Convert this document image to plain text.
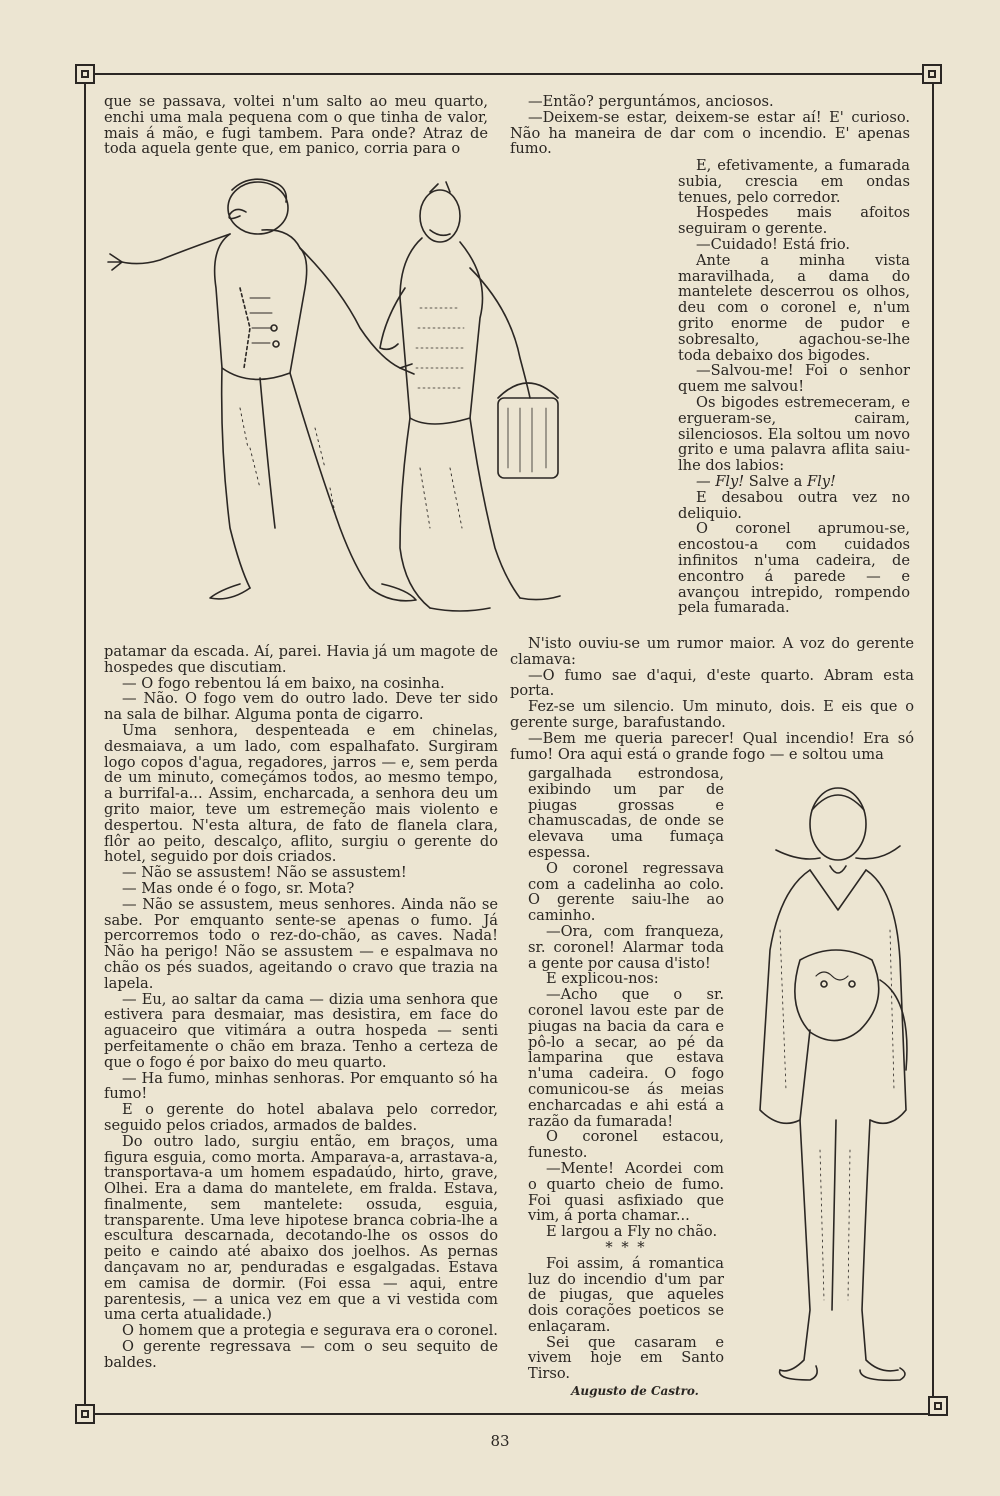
que se passava, voltei n'um salto ao meu quarto, enchi uma mala pequena com o que tinha de valor, mais á mão, e fugi tambem. Para onde? Atraz de toda aquela gente que, em panico, corria para o

patamar da escada. Aí, parei. Havia já um magote de hospedes que discutiam.

— O fogo rebentou lá em baixo, na cosinha.

— Não. O fogo vem do outro lado. Deve ter sido na sala de bilhar. Alguma ponta de cigarro.

Uma senhora, despenteada e em chinelas, desmaiava, a um lado, com espalhafato. Surgiram logo copos d'agua, regadores, jarros — e, sem perda de um minuto, começámos todos, ao mesmo tempo, a burrifal-a... Assim, encharcada, a senhora deu um grito maior, teve um estremeção mais violento e despertou. N'esta altura, de fato de flanela clara, flôr ao peito, descalço, aflito, surgiu o gerente do hotel, seguido por dois criados.

— Não se assustem! Não se assustem!

— Mas onde é o fogo, sr. Mota?

— Não se assustem, meus senhores. Ainda não se sabe. Por emquanto sente-se apenas o fumo. Já percorremos todo o rez-do-chão, as caves. Nada! Não ha perigo! Não se assustem — e espalmava no chão os pés suados, ageitando o cravo que trazia na lapela.

— Eu, ao saltar da cama — dizia uma senhora que estivera para desmaiar, mas desistira, em face do aguaceiro que vitimára a outra hospeda — senti perfeitamente o chão em braza. Tenho a certeza de que o fogo é por baixo do meu quarto.

— Ha fumo, minhas senhoras. Por emquanto só ha fumo!

E o gerente do hotel abalava pelo corredor, seguido pelos criados, armados de baldes.

Do outro lado, surgiu então, em braços, uma figura esguia, como morta. Amparava-a, arrastava-a, transportava-a um homem espadaúdo, hirto, grave, Olhei. Era a dama do mantelete, em fralda. Estava, finalmente, sem mantelete: ossuda, esguia, transparente. Uma leve hipotese branca cobria-lhe a escultura descarnada, decotando-lhe os ossos do peito e caindo até abaixo dos joelhos. As pernas dançavam no ar, penduradas e esgalgadas. Estava em camisa de dormir. (Foi essa — aqui, entre parentesis, — a unica vez em que a vi vestida com uma certa atualidade.)

O homem que a protegia e segurava era o coronel.

O gerente regressava — com o seu sequito de baldes.

—Então? perguntámos, anciosos.

—Deixem-se estar, deixem-se estar aí! E' curioso. Não ha maneira de dar com o incendio. E' apenas fumo.

E, efetivamente, a fumarada subia, crescia em ondas tenues, pelo corredor.

Hospedes mais afoitos seguiram o gerente.

—Cuidado! Está frio.

Ante a minha vista maravilhada, a dama do mantelete descerrou os olhos, deu com o coronel e, n'um grito enorme de pudor e sobresalto, agachou-se-lhe toda debaixo dos bigodes.

—Salvou-me! Foi o senhor quem me salvou!

Os bigodes estremeceram, e ergueram-se, cairam, silenciosos. Ela soltou um novo grito e uma palavra aflita saiu-lhe dos labios:

— Fly! Salve a Fly!

E desabou outra vez no deliquio.

O coronel aprumou-se, encostou-a com cuidados infinitos n'uma cadeira, de encontro á parede — e avançou intrepido, rompendo pela fumarada.

N'isto ouviu-se um rumor maior. A voz do gerente clamava:

—O fumo sae d'aqui, d'este quarto. Abram esta porta.

Fez-se um silencio. Um minuto, dois. E eis que o gerente surge, barafustando.

—Bem me queria parecer! Qual incendio! Era só fumo! Ora aqui está o grande fogo — e soltou uma

gargalhada estrondosa, exibindo um par de piugas grossas e chamuscadas, de onde se elevava uma fumaça espessa.

O coronel regressava com a cadelinha ao colo. O gerente saiu-lhe ao caminho.

—Ora, com franqueza, sr. coronel! Alarmar toda a gente por causa d'isto!

E explicou-nos:

—Acho que o sr. coronel lavou este par de piugas na bacia da cara e pô-lo a secar, ao pé da lamparina que estava n'uma cadeira. O fogo comunicou-se ás meias encharcadas e ahi está a razão da fumarada!

O coronel estacou, funesto.

—Mente! Acordei com o quarto cheio de fumo. Foi quasi asfixiado que vim, á porta chamar...

E largou a Fly no chão.

* * *

Foi assim, á romantica luz do incendio d'um par de piugas, que aqueles dois corações poeticos se enlaçaram.

Sei que casaram e vivem hoje em Santo Tirso.

Augusto de Castro.

83
